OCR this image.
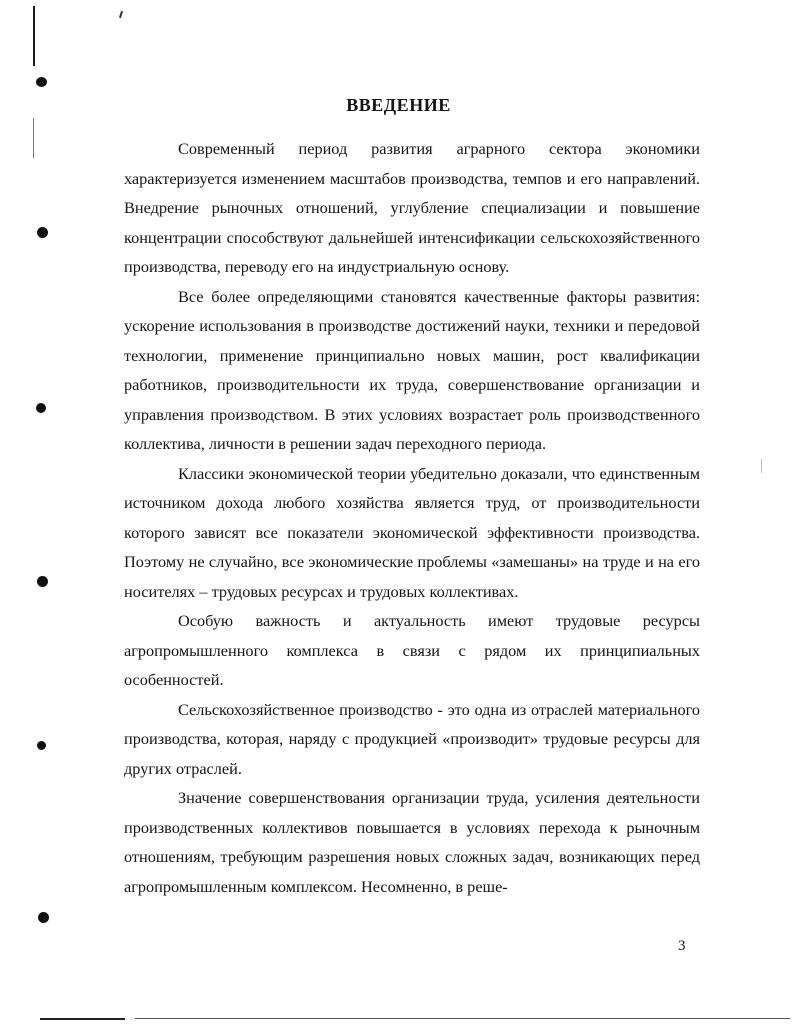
ВВЕДЕНИЕ

Современный период развития аграрного сектора экономики характеризуется изменением масштабов производства, темпов и его направлений. Внедрение рыночных отношений, углубление специализации и повышение концентрации способствуют дальнейшей интенсификации сельскохозяйственного производства, переводу его на индустриальную основу.

Все более определяющими становятся качественные факторы развития: ускорение использования в производстве достижений науки, техники и передовой технологии, применение принципиально новых машин, рост квалификации работников, производительности их труда, совершенствование организации и управления производством. В этих условиях возрастает роль производственного коллектива, личности в решении задач переходного периода.

Классики экономической теории убедительно доказали, что единственным источником дохода любого хозяйства является труд, от производительности которого зависят все показатели экономической эффективности производства. Поэтому не случайно, все экономические проблемы «замешаны» на труде и на его носителях – трудовых ресурсах и трудовых коллективах.

Особую важность и актуальность имеют трудовые ресурсы агропромышленного комплекса в связи с рядом их принципиальных особенностей.

Сельскохозяйственное производство - это одна из отраслей материального производства, которая, наряду с продукцией «производит» трудовые ресурсы для других отраслей.

Значение совершенствования организации труда, усиления деятельности производственных коллективов повышается в условиях перехода к рыночным отношениям, требующим разрешения новых сложных задач, возникающих перед агропромышленным комплексом. Несомненно, в реше-

3
